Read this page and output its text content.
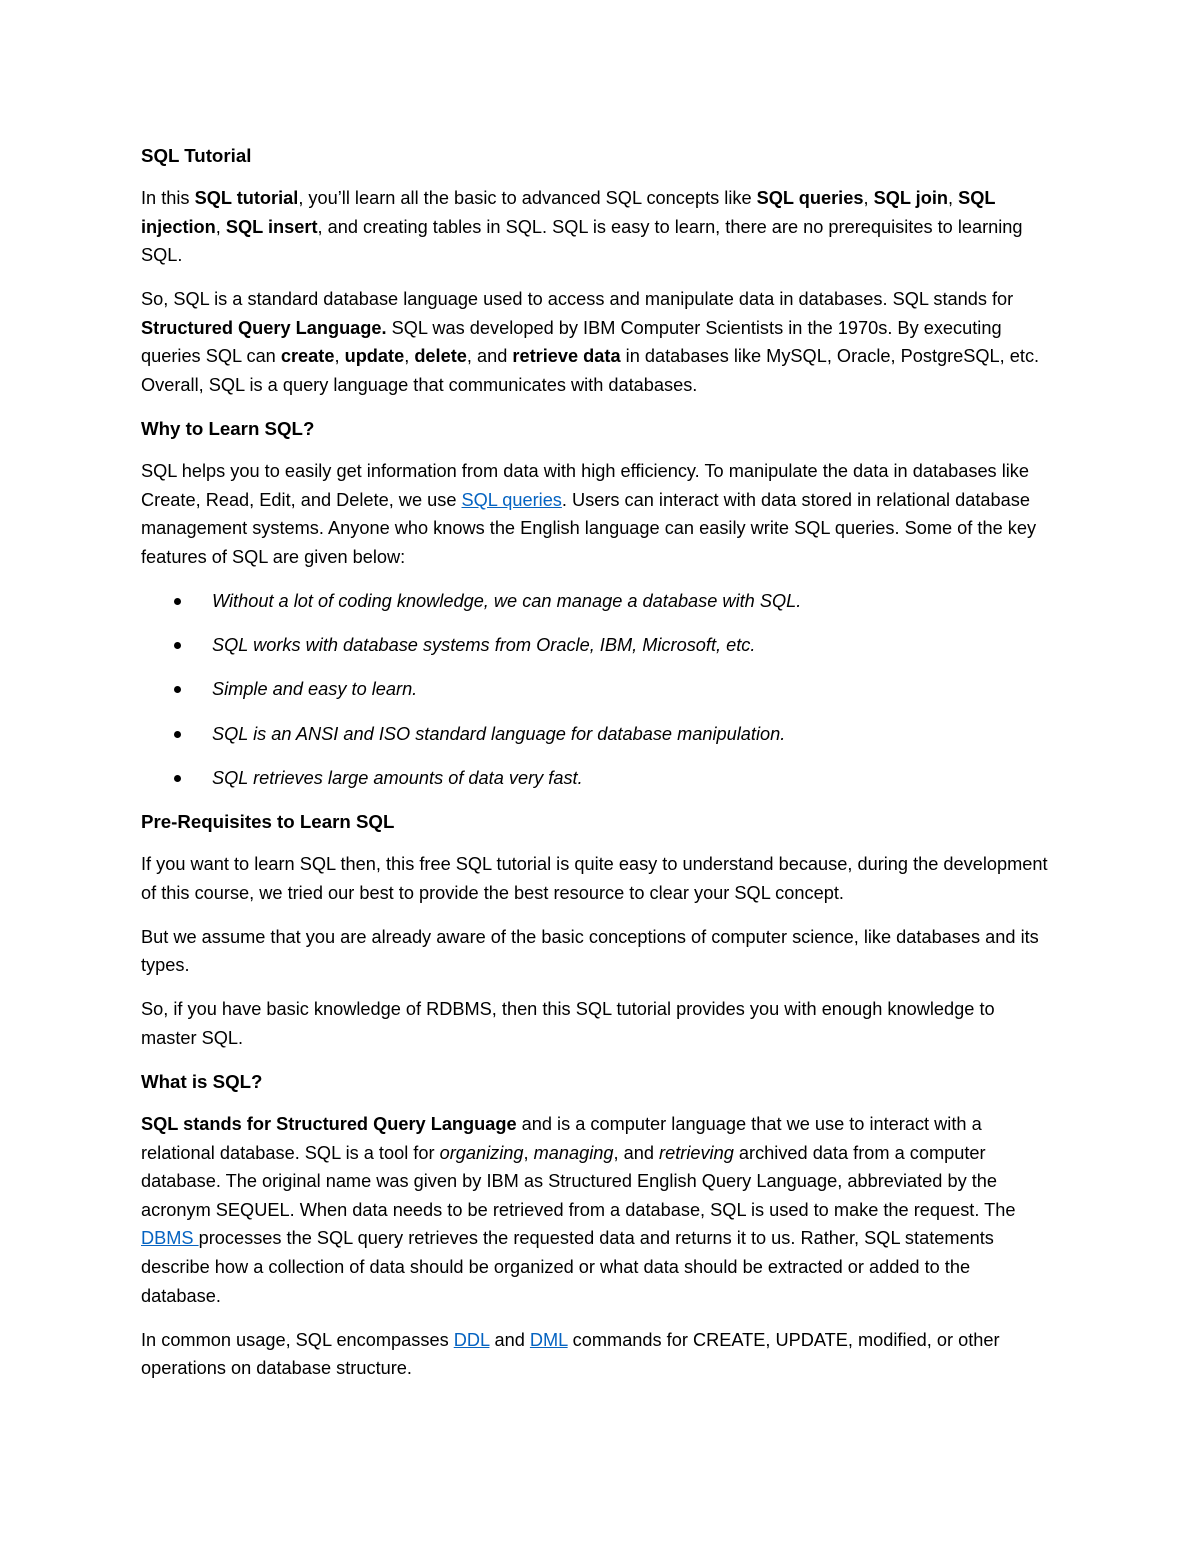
SQL Tutorial

In this SQL tutorial, you’ll learn all the basic to advanced SQL concepts like SQL queries, SQL join, SQL injection, SQL insert, and creating tables in SQL. SQL is easy to learn, there are no prerequisites to learning SQL.

So, SQL is a standard database language used to access and manipulate data in databases. SQL stands for Structured Query Language. SQL was developed by IBM Computer Scientists in the 1970s. By executing queries SQL can create, update, delete, and retrieve data in databases like MySQL, Oracle, PostgreSQL, etc. Overall, SQL is a query language that communicates with databases.

Why to Learn SQL?

SQL helps you to easily get information from data with high efficiency. To manipulate the data in databases like Create, Read, Edit, and Delete, we use SQL queries. Users can interact with data stored in relational database management systems. Anyone who knows the English language can easily write SQL queries. Some of the key features of SQL are given below:

Without a lot of coding knowledge, we can manage a database with SQL.
SQL works with database systems from Oracle, IBM, Microsoft, etc.
Simple and easy to learn.
SQL is an ANSI and ISO standard language for database manipulation.
SQL retrieves large amounts of data very fast.
Pre-Requisites to Learn SQL

If you want to learn SQL then, this free SQL tutorial is quite easy to understand because, during the development of this course, we tried our best to provide the best resource to clear your SQL concept.

But we assume that you are already aware of the basic conceptions of computer science, like databases and its types.

So, if you have basic knowledge of RDBMS, then this SQL tutorial provides you with enough knowledge to master SQL.

What is SQL?

SQL stands for Structured Query Language and is a computer language that we use to interact with a relational database. SQL is a tool for organizing, managing, and retrieving archived data from a computer database. The original name was given by IBM as Structured English Query Language, abbreviated by the acronym SEQUEL. When data needs to be retrieved from a database, SQL is used to make the request. The DBMS processes the SQL query retrieves the requested data and returns it to us. Rather, SQL statements describe how a collection of data should be organized or what data should be extracted or added to the database.

In common usage, SQL encompasses DDL and DML commands for CREATE, UPDATE, modified, or other operations on database structure.
